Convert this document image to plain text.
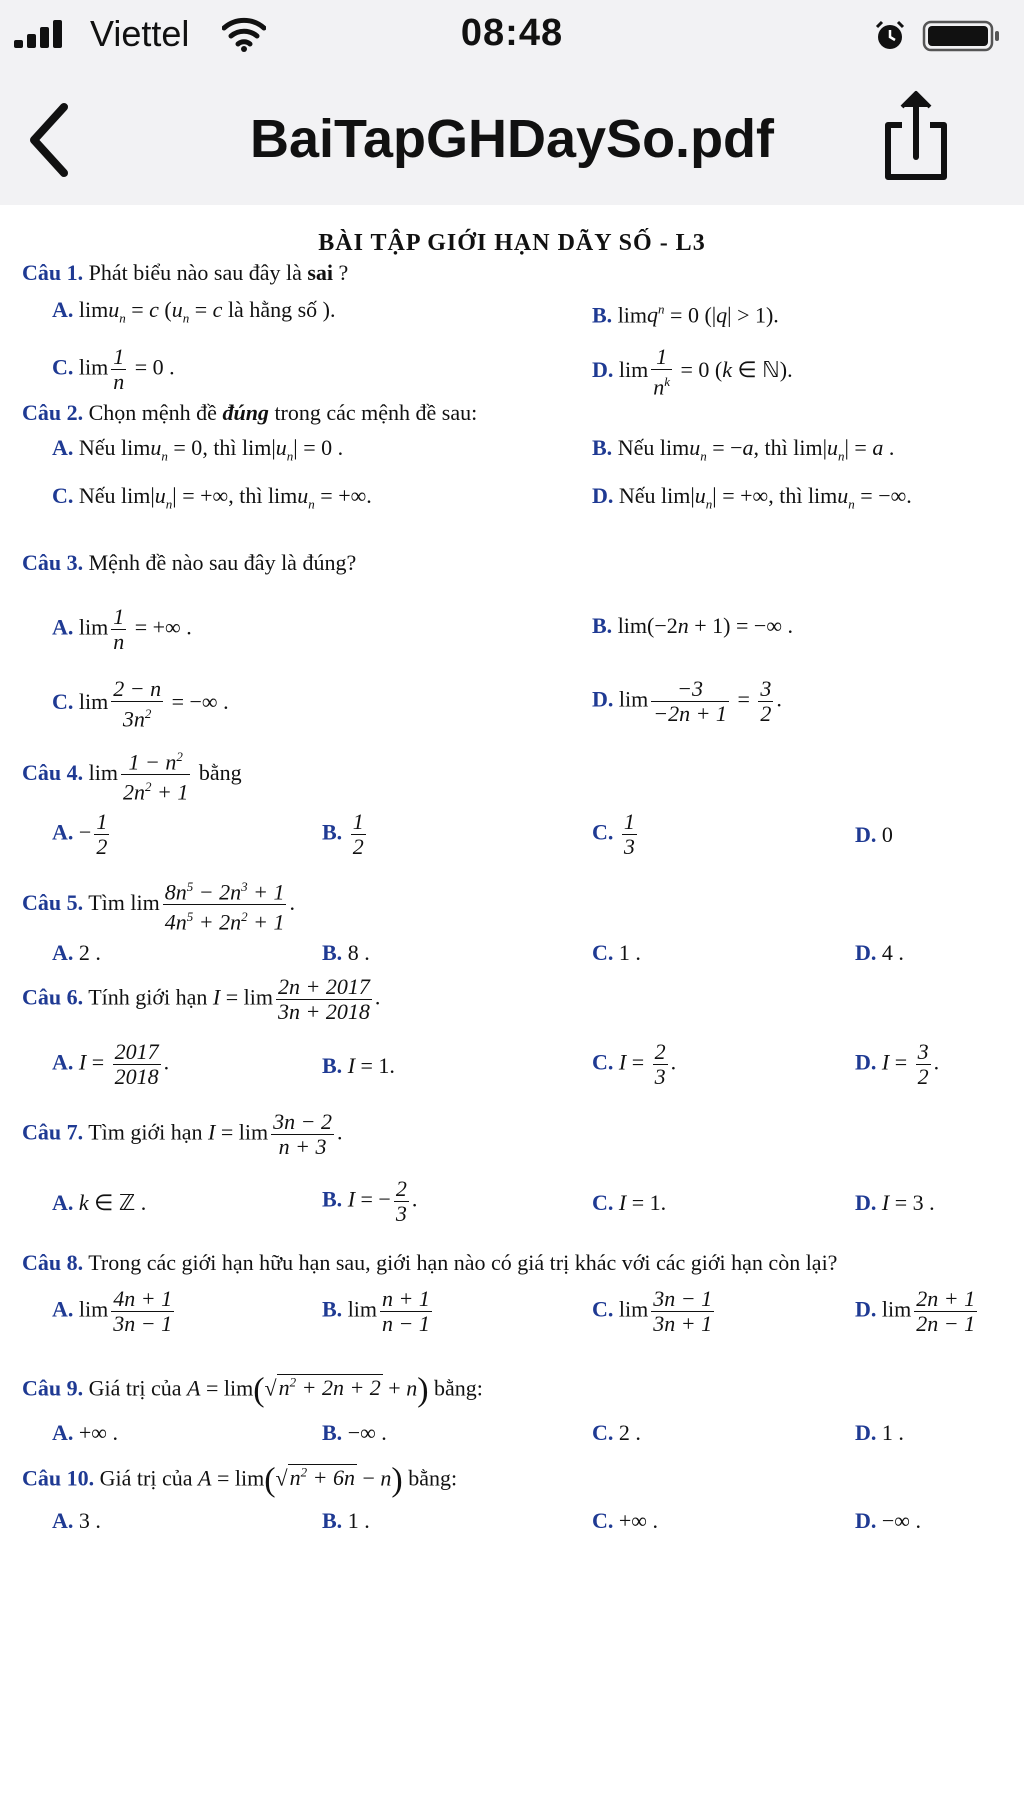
Viettel	08:48
BaiTapGHDaySo.pdf
BÀI TẬP GIỚI HẠN DÃY SỐ - L3
Câu 1. Phát biểu nào sau đây là sai ?
A. limu$_n$ = c ($u_n = c$ là hằng số ).	B. limq$^n$ = 0 (|q| > 1).
C. $\lim \frac{1}{n} = 0$ .	D. $\lim \frac{1}{n^k} = 0$ (k ∈ ℕ).
Câu 2. Chọn mệnh đề đúng trong các mệnh đề sau:
A. Nếu limu$_n$ = 0, thì $\lim|u_n| = 0$ .	B. Nếu limu$_n$ = −a, thì $\lim|u_n| = a$ .
C. Nếu $\lim|u_n|$ = +∞, thì limu$_n$ = +∞.	D. Nếu $\lim|u_n|$ = +∞, thì limu$_n$ = −∞.
Câu 3. Mệnh đề nào sau đây là đúng?
A. $\lim \frac{1}{n}$ = +∞ .	B. lim(−2n + 1) = −∞ .
C. $\lim \frac{2 - n}{3n^2}$ = −∞ .	D. $\lim \frac{-3}{-2n + 1} = \frac{3}{2}$ .
Câu 4. $\lim \frac{1 - n^2}{2n^2 + 1}$ bằng
A. − $\frac{1}{2}$	B. $\frac{1}{2}$	C. $\frac{1}{3}$	D. 0
Câu 5. Tìm $\lim \frac{8n^5 - 2n^3 + 1}{4n^5 + 2n^2 + 1}$ .
A. 2 .	B. 8 .	C. 1 .	D. 4 .
Câu 6. Tính giới hạn $I = \lim \frac{2n + 2017}{3n + 2018}$ .
A. $I = \frac{2017}{2018}$ .	B. I = 1.	C. $I = \frac{2}{3}$ .	D. $I = \frac{3}{2}$ .
Câu 7. Tìm giới hạn $I = \lim \frac{3n - 2}{n + 3}$ .
A. k ∈ ℤ .	B. I = − $\frac{2}{3}$ .	C. I = 1.	D. I = 3 .
Câu 8. Trong các giới hạn hữu hạn sau, giới hạn nào có giá trị khác với các giới hạn còn lại?
A. $\lim \frac{4n + 1}{3n - 1}$	B. $\lim \frac{n + 1}{n - 1}$	C. $\lim \frac{3n - 1}{3n + 1}$	D. $\lim \frac{2n + 1}{2n - 1}$
Câu 9. Giá trị của $A = \lim(√n^2 + 2n + 2 + n)$ bằng:
A. +∞ .	B. −∞ .	C. 2 .	D. 1 .
Câu 10. Giá trị của $A = \lim(√n^2 + 6n - n)$ bằng:
A. 3 .	B. 1 .	C. +∞ .	D. −∞ .
